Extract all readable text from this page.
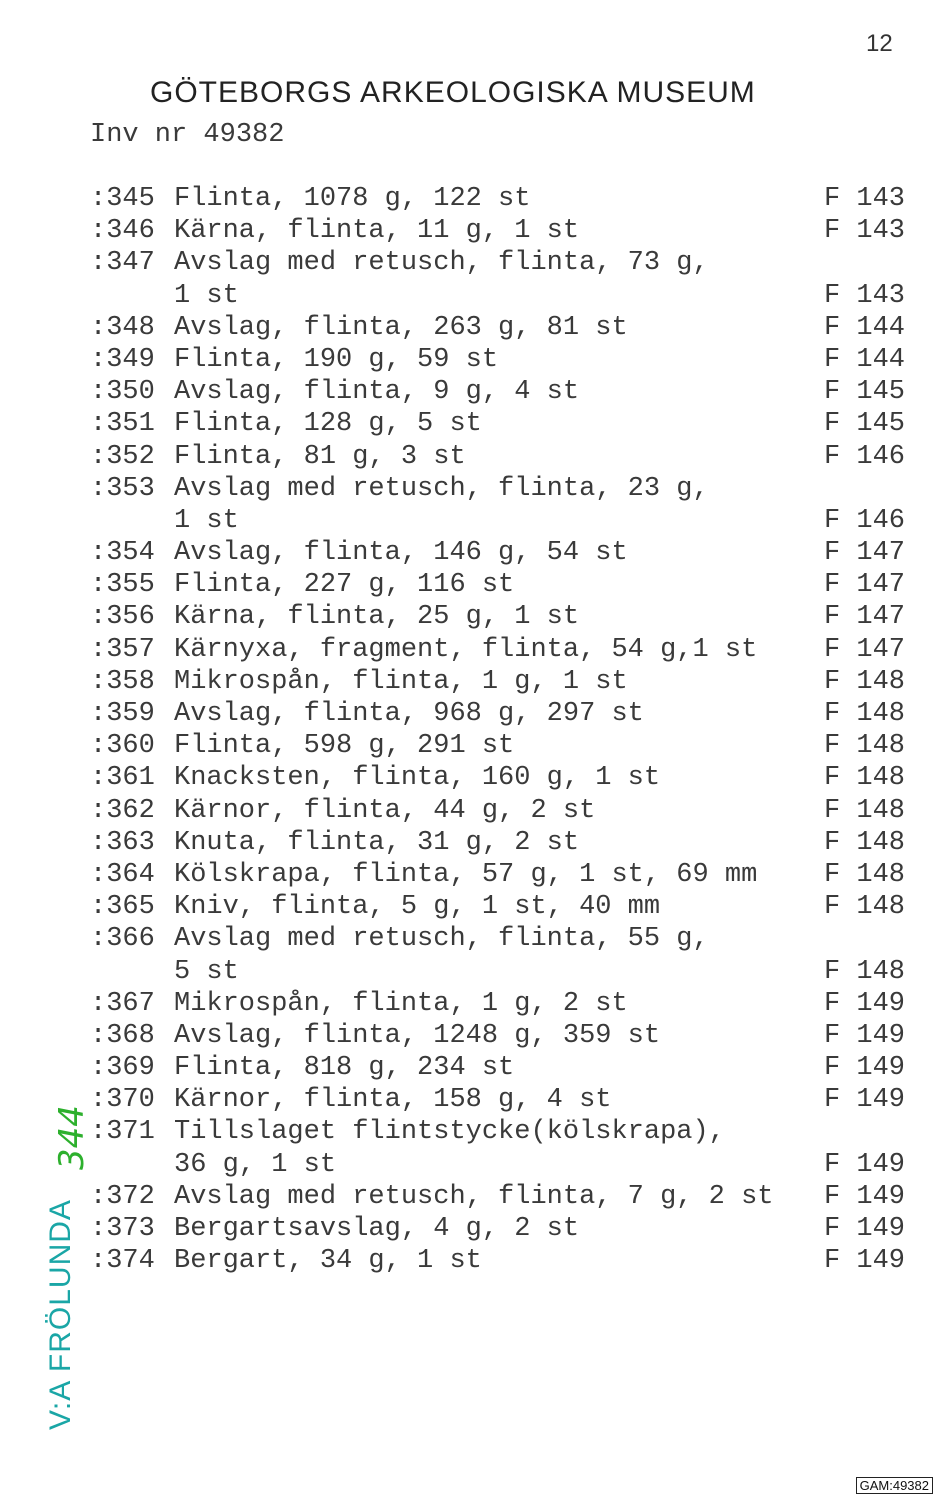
12
GÖTEBORGS ARKEOLOGISKA MUSEUM
Inv nr 49382
:345 Flinta, 1078 g, 122 st	F 143
:346 Kärna, flinta, 11 g, 1 st	F 143
:347 Avslag med retusch, flinta, 73 g,
1 st	F 143
:348 Avslag, flinta, 263 g, 81 st	F 144
:349 Flinta, 190 g, 59 st	F 144
:350 Avslag, flinta, 9 g, 4 st	F 145
:351 Flinta, 128 g, 5 st	F 145
:352 Flinta, 81 g, 3 st	F 146
:353 Avslag med retusch, flinta, 23 g,
1 st	F 146
:354 Avslag, flinta, 146 g, 54 st	F 147
:355 Flinta, 227 g, 116 st	F 147
:356 Kärna, flinta, 25 g, 1 st	F 147
:357 Kärnyxa, fragment, flinta, 54 g,1 st	F 147
:358 Mikrospån, flinta, 1 g, 1 st	F 148
:359 Avslag, flinta, 968 g, 297 st	F 148
:360 Flinta, 598 g, 291 st	F 148
:361 Knacksten, flinta, 160 g, 1 st	F 148
:362 Kärnor, flinta, 44 g, 2 st	F 148
:363 Knuta, flinta, 31 g, 2 st	F 148
:364 Kölskrapa, flinta, 57 g, 1 st, 69 mm	F 148
:365 Kniv, flinta, 5 g, 1 st, 40 mm	F 148
:366 Avslag med retusch, flinta, 55 g,
5 st	F 148
:367 Mikrospån, flinta, 1 g, 2 st	F 149
:368 Avslag, flinta, 1248 g, 359 st	F 149
:369 Flinta, 818 g, 234 st	F 149
:370 Kärnor, flinta, 158 g, 4 st	F 149
:371 Tillslaget flintstycke(kölskrapa),
36 g, 1 st	F 149
:372 Avslag med retusch, flinta, 7 g, 2 st	F 149
:373 Bergartsavslag, 4 g, 2 st	F 149
:374 Bergart, 34 g, 1 st	F 149
344
V:A FRÖLUNDA
GAM:49382
